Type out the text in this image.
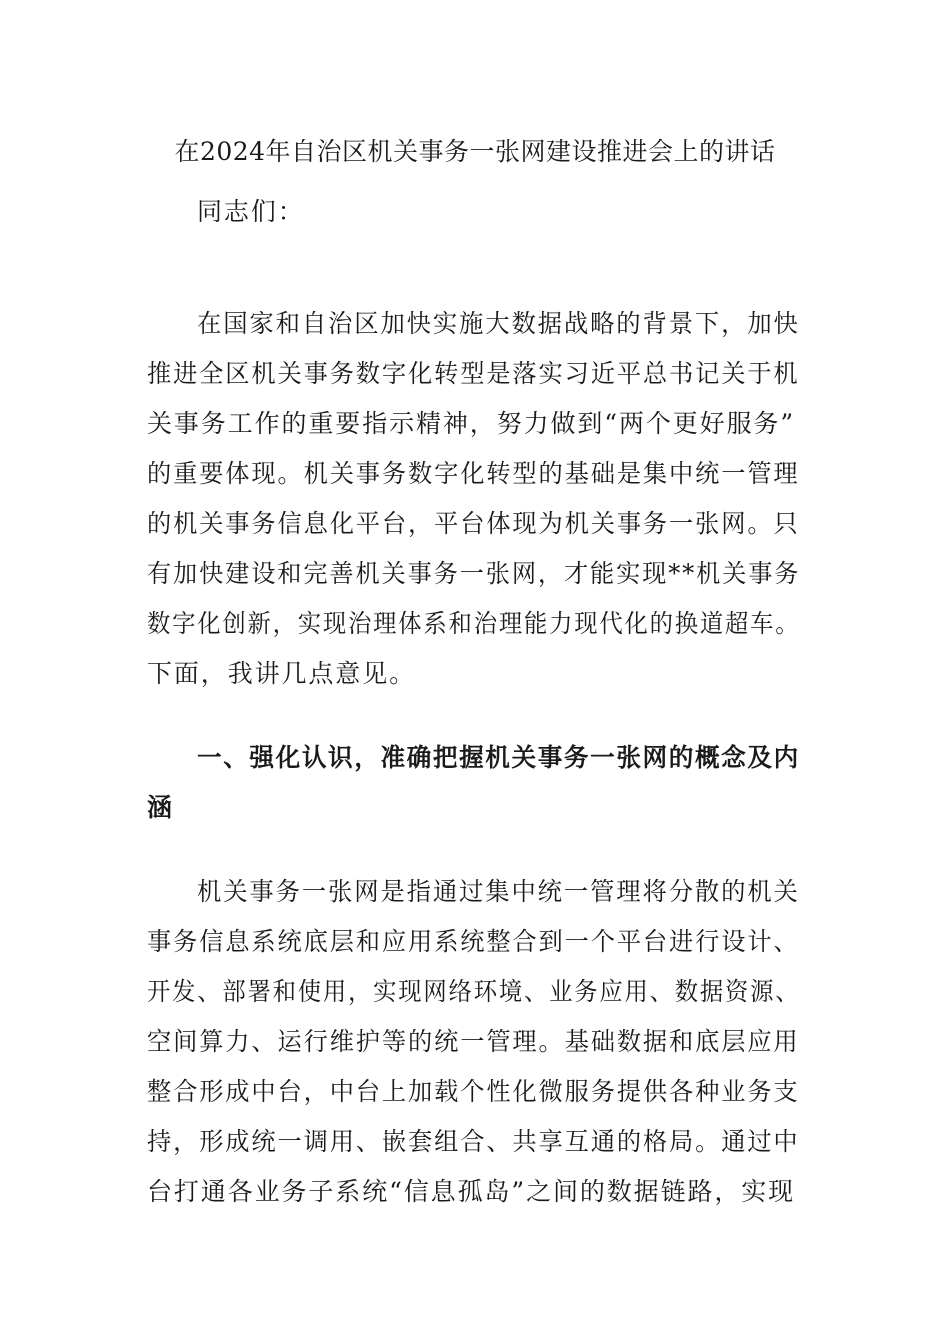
在2024年自治区机关事务一张网建设推进会上的讲话
同志们：
在国家和自治区加快实施大数据战略的背景下，加快
推进全区机关事务数字化转型是落实习近平总书记关于机
关事务工作的重要指示精神，努力做到“两个更好服务”
的重要体现。机关事务数字化转型的基础是集中统一管理
的机关事务信息化平台，平台体现为机关事务一张网。只
有加快建设和完善机关事务一张网，才能实现**机关事务
数字化创新，实现治理体系和治理能力现代化的换道超车。
下面，我讲几点意见。
一、强化认识，准确把握机关事务一张网的概念及内
涵
机关事务一张网是指通过集中统一管理将分散的机关
事务信息系统底层和应用系统整合到一个平台进行设计、
开发、部署和使用，实现网络环境、业务应用、数据资源、
空间算力、运行维护等的统一管理。基础数据和底层应用
整合形成中台，中台上加载个性化微服务提供各种业务支
持，形成统一调用、嵌套组合、共享互通的格局。通过中
台打通各业务子系统“信息孤岛”之间的数据链路，实现
